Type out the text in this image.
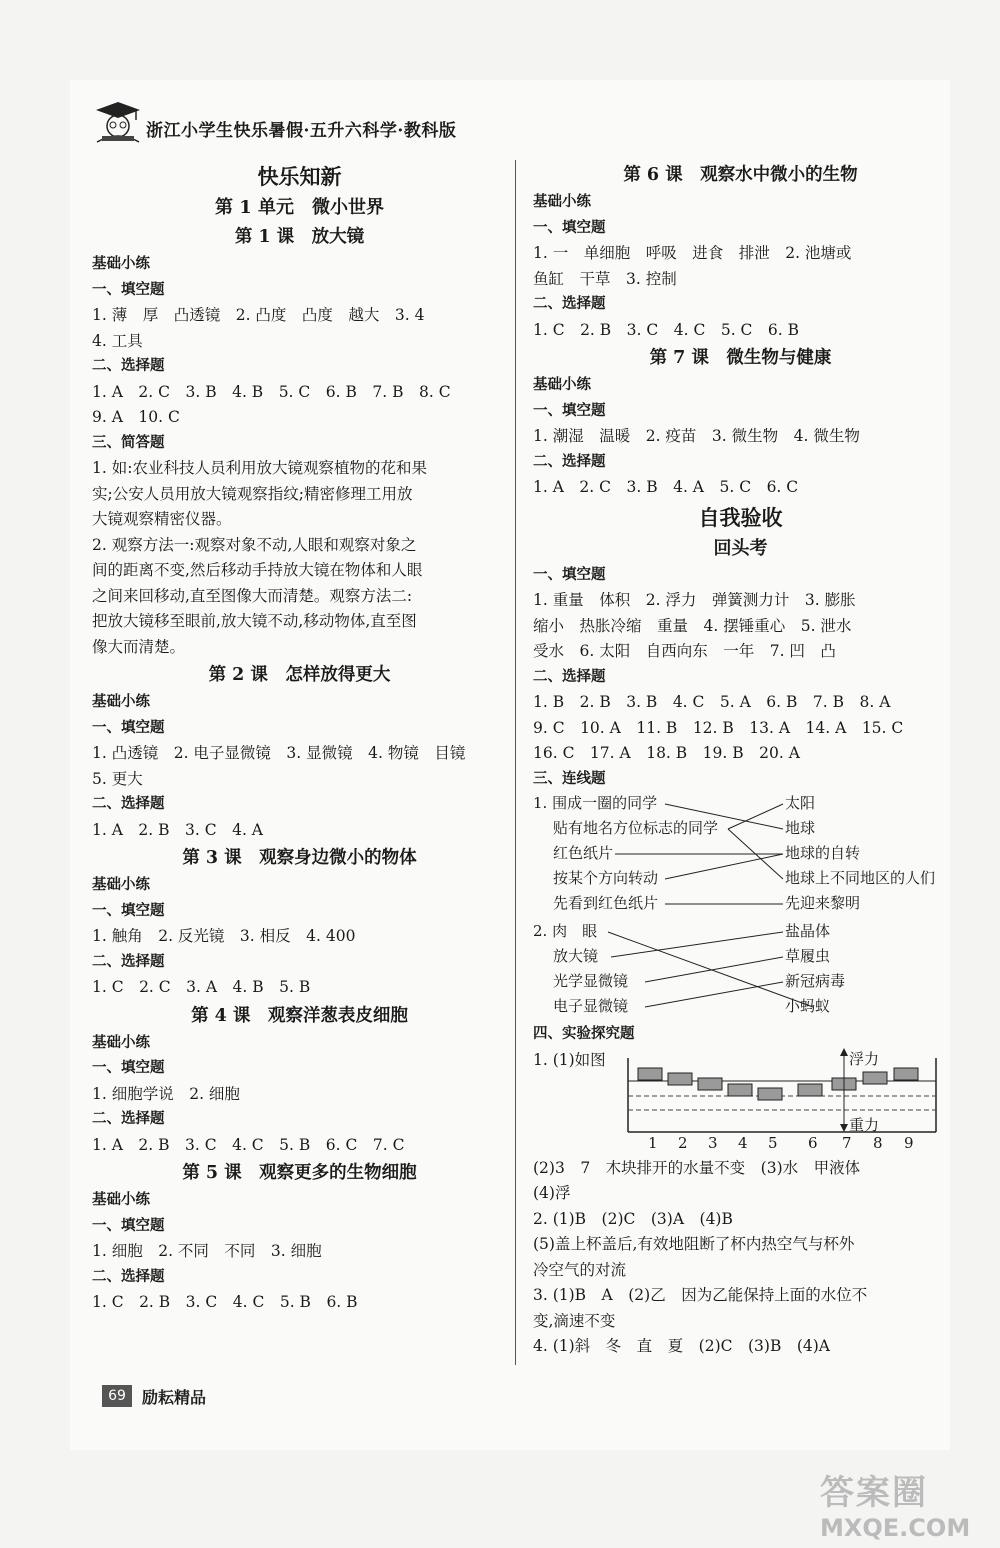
浙江小学生快乐暑假·五升六科学·教科版
快乐知新
第 1 单元　微小世界
第 1 课　放大镜
基础小练
一、填空题
1. 薄　厚　凸透镜　2. 凸度　凸度　越大　3. 4
4. 工具
二、选择题
1. A　2. C　3. B　4. B　5. C　6. B　7. B　8. C
9. A　10. C
三、简答题
1. 如:农业科技人员利用放大镜观察植物的花和果
实;公安人员用放大镜观察指纹;精密修理工用放
大镜观察精密仪器。
2. 观察方法一:观察对象不动,人眼和观察对象之
间的距离不变,然后移动手持放大镜在物体和人眼
之间来回移动,直至图像大而清楚。观察方法二:
把放大镜移至眼前,放大镜不动,移动物体,直至图
像大而清楚。
第 2 课　怎样放得更大
基础小练
一、填空题
1. 凸透镜　2. 电子显微镜　3. 显微镜　4. 物镜　目镜
5. 更大
二、选择题
1. A　2. B　3. C　4. A
第 3 课　观察身边微小的物体
基础小练
一、填空题
1. 触角　2. 反光镜　3. 相反　4. 400
二、选择题
1. C　2. C　3. A　4. B　5. B
第 4 课　观察洋葱表皮细胞
基础小练
一、填空题
1. 细胞学说　2. 细胞
二、选择题
1. A　2. B　3. C　4. C　5. B　6. C　7. C
第 5 课　观察更多的生物细胞
基础小练
一、填空题
1. 细胞　2. 不同　不同　3. 细胞
二、选择题
1. C　2. B　3. C　4. C　5. B　6. B
第 6 课　观察水中微小的生物
基础小练
一、填空题
1. 一　单细胞　呼吸　进食　排泄　2. 池塘或
鱼缸　干草　3. 控制
二、选择题
1. C　2. B　3. C　4. C　5. C　6. B
第 7 课　微生物与健康
基础小练
一、填空题
1. 潮湿　温暖　2. 疫苗　3. 微生物　4. 微生物
二、选择题
1. A　2. C　3. B　4. A　5. C　6. C
自我验收
回头考
一、填空题
1. 重量　体积　2. 浮力　弹簧测力计　3. 膨胀
缩小　热胀冷缩　重量　4. 摆锤重心　5. 泄水
受水　6. 太阳　自西向东　一年　7. 凹　凸
二、选择题
1. B　2. B　3. B　4. C　5. A　6. B　7. B　8. A
9. C　10. A　11. B　12. B　13. A　14. A　15. C
16. C　17. A　18. B　19. B　20. A
三、连线题
1. 围成一圈的同学
贴有地名方位标志的同学
红色纸片
按某个方向转动
先看到红色纸片
太阳
地球
地球的自转
地球上不同地区的人们
先迎来黎明
2. 肉　眼
放大镜
光学显微镜
电子显微镜
盐晶体
草履虫
新冠病毒
小蚂蚁
四、实验探究题
1. (1)如图	浮力
重力
1 2 3 4 5 6 7 8 9
(2)3　7　木块排开的水量不变　(3)水　甲液体
(4)浮
2. (1)B　(2)C　(3)A　(4)B
(5)盖上杯盖后,有效地阻断了杯内热空气与杯外
冷空气的对流
3. (1)B　A　(2)乙　因为乙能保持上面的水位不
变,滴速不变
4. (1)斜　冬　直　夏　(2)C　(3)B　(4)A
69	励耘精品
答案圈
MXQE.COM
